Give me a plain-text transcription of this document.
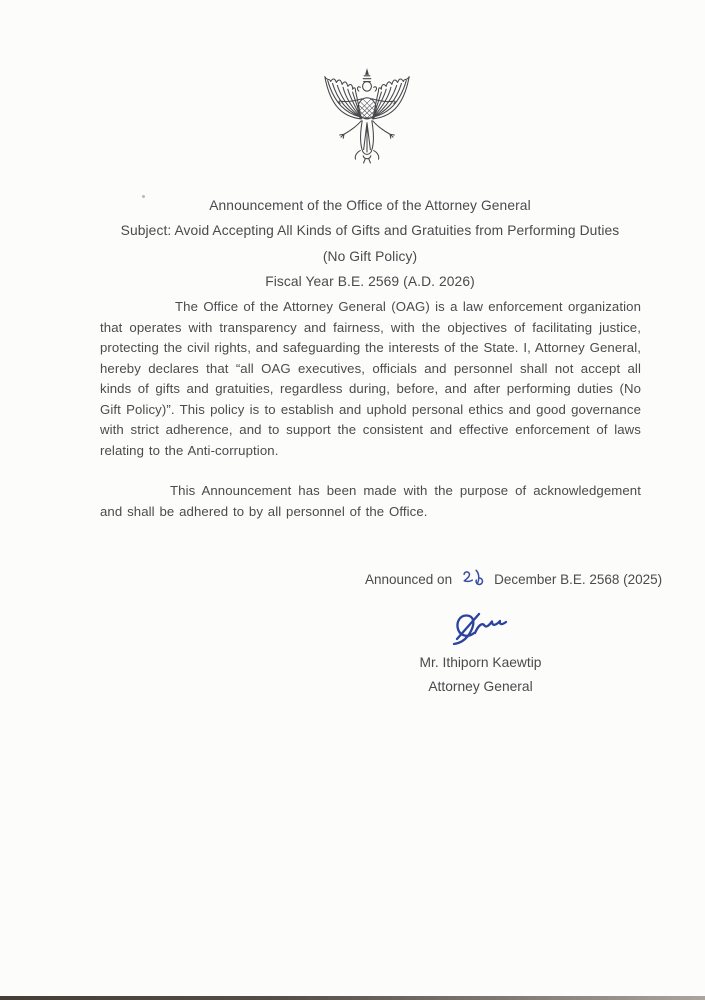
Announcement of the Office of the Attorney General
Subject: Avoid Accepting All Kinds of Gifts and Gratuities from Performing Duties
(No Gift Policy)
Fiscal Year B.E. 2569 (A.D. 2026)

The Office of the Attorney General (OAG) is a law enforcement organization that operates with transparency and fairness, with the objectives of facilitating justice, protecting the civil rights, and safeguarding the interests of the State. I, Attorney General, hereby declares that “all OAG executives, officials and personnel shall not accept all kinds of gifts and gratuities, regardless during, before, and after performing duties (No Gift Policy)”. This policy is to establish and uphold personal ethics and good governance with strict adherence, and to support the consistent and effective enforcement of laws relating to the Anti-corruption.

This Announcement has been made with the purpose of acknowledgement and shall be adhered to by all personnel of the Office.

Announced on	December B.E. 2568 (2025)
Mr. Ithiporn Kaewtip
Attorney General
